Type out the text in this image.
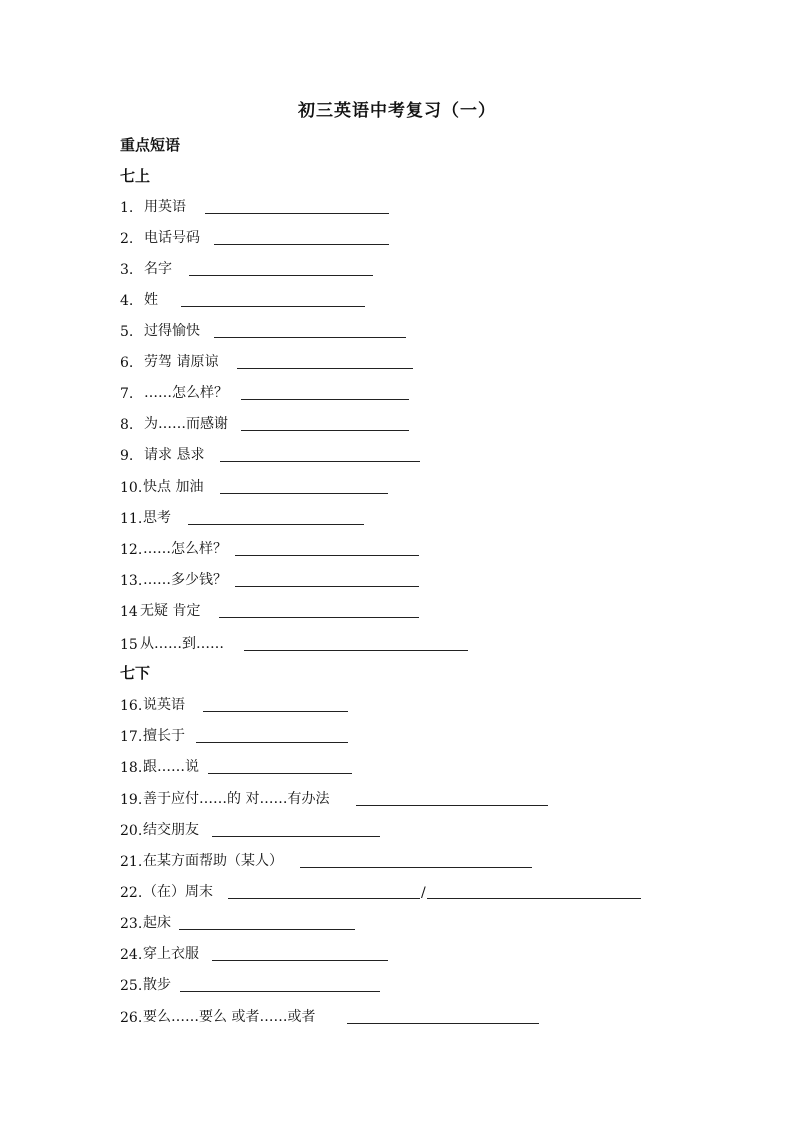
初三英语中考复习（一）
重点短语
七上
1. 用英语
2. 电话号码
3. 名字
4. 姓
5. 过得愉快
6. 劳驾 请原谅
7. ……怎么样？
8. 为……而感谢
9. 请求 恳求
10. 快点 加油
11. 思考
12. ……怎么样？
13. ……多少钱？
14 无疑 肯定
15 从……到……
七下
16. 说英语
17. 擅长于
18. 跟……说
19. 善于应付……的 对……有办法
20. 结交朋友
21. 在某方面帮助（某人）
22. （在）周末	/
23. 起床
24. 穿上衣服
25. 散步
26. 要么……要么 或者……或者
